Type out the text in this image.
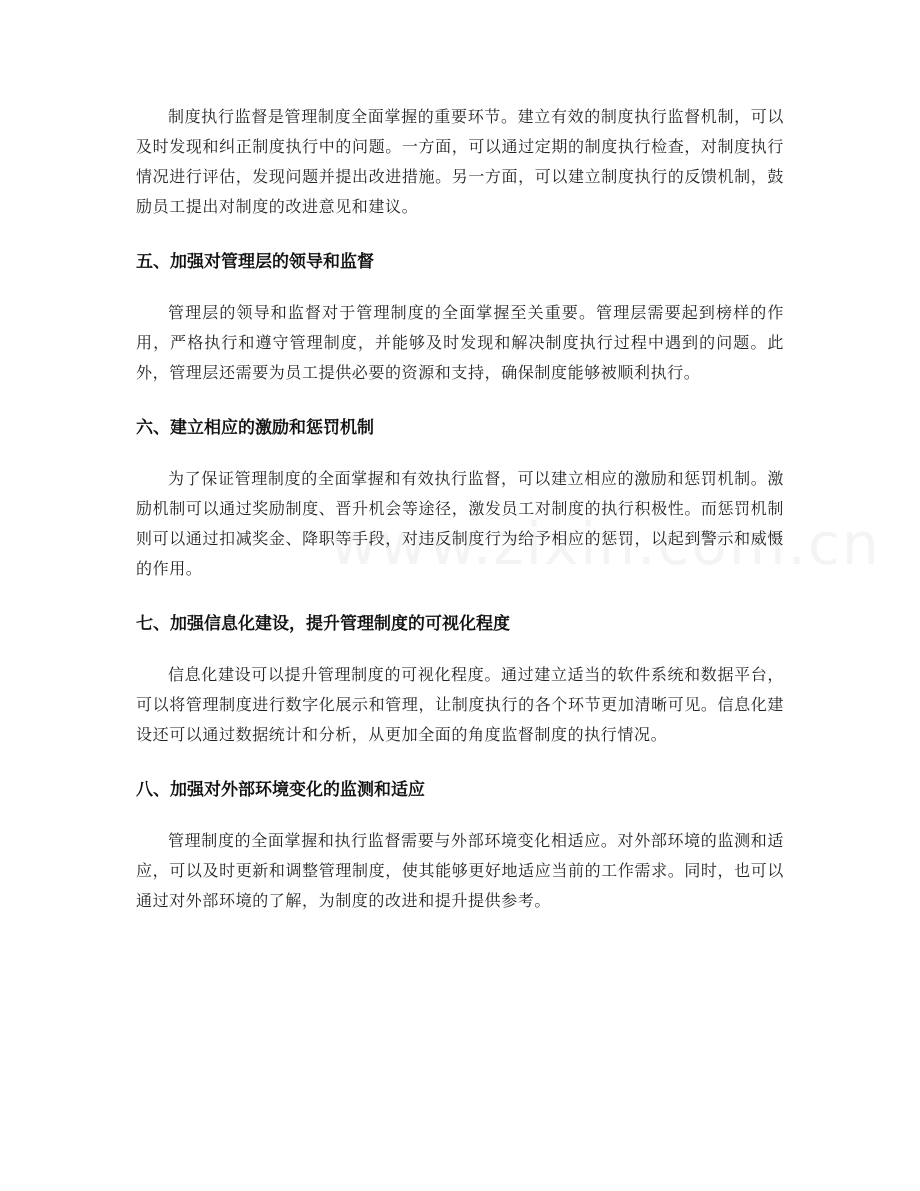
制度执行监督是管理制度全面掌握的重要环节。建立有效的制度执行监督机制，可以及时发现和纠正制度执行中的问题。一方面，可以通过定期的制度执行检查，对制度执行情况进行评估，发现问题并提出改进措施。另一方面，可以建立制度执行的反馈机制，鼓励员工提出对制度的改进意见和建议。

五、加强对管理层的领导和监督

管理层的领导和监督对于管理制度的全面掌握至关重要。管理层需要起到榜样的作用，严格执行和遵守管理制度，并能够及时发现和解决制度执行过程中遇到的问题。此外，管理层还需要为员工提供必要的资源和支持，确保制度能够被顺利执行。

六、建立相应的激励和惩罚机制

为了保证管理制度的全面掌握和有效执行监督，可以建立相应的激励和惩罚机制。激励机制可以通过奖励制度、晋升机会等途径，激发员工对制度的执行积极性。而惩罚机制则可以通过扣减奖金、降职等手段，对违反制度行为给予相应的惩罚，以起到警示和威慑的作用。

七、加强信息化建设，提升管理制度的可视化程度

信息化建设可以提升管理制度的可视化程度。通过建立适当的软件系统和数据平台，可以将管理制度进行数字化展示和管理，让制度执行的各个环节更加清晰可见。信息化建设还可以通过数据统计和分析，从更加全面的角度监督制度的执行情况。

八、加强对外部环境变化的监测和适应

管理制度的全面掌握和执行监督需要与外部环境变化相适应。对外部环境的监测和适应，可以及时更新和调整管理制度，使其能够更好地适应当前的工作需求。同时，也可以通过对外部环境的了解，为制度的改进和提升提供参考。
